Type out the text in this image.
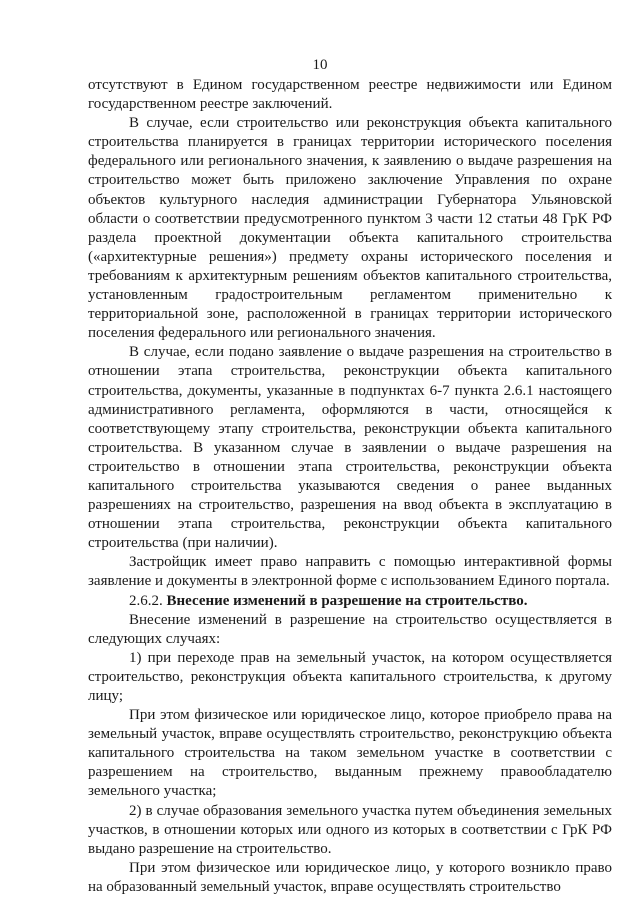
10

отсутствуют в Едином государственном реестре недвижимости или Едином государственном реестре заключений.

В случае, если строительство или реконструкция объекта капитального строительства планируется в границах территории исторического поселения федерального или регионального значения, к заявлению о выдаче разрешения на строительство может быть приложено заключение Управления по охране объектов культурного наследия администрации Губернатора Ульяновской области о соответствии предусмотренного пунктом 3 части 12 статьи 48 ГрК РФ раздела проектной документации объекта капитального строительства («архитектурные решения») предмету охраны исторического поселения и требованиям к архитектурным решениям объектов капитального строительства, установленным градостроительным регламентом применительно к территориальной зоне, расположенной в границах территории исторического поселения федерального или регионального значения.

В случае, если подано заявление о выдаче разрешения на строительство в отношении этапа строительства, реконструкции объекта капитального строительства, документы, указанные в подпунктах 6-7 пункта 2.6.1 настоящего административного регламента, оформляются в части, относящейся к соответствующему этапу строительства, реконструкции объекта капитального строительства. В указанном случае в заявлении о выдаче разрешения на строительство в отношении этапа строительства, реконструкции объекта капитального строительства указываются сведения о ранее выданных разрешениях на строительство, разрешения на ввод объекта в эксплуатацию в отношении этапа строительства, реконструкции объекта капитального строительства (при наличии).

Застройщик имеет право направить с помощью интерактивной формы заявление и документы в электронной форме с использованием Единого портала.

2.6.2. Внесение изменений в разрешение на строительство.

Внесение изменений в разрешение на строительство осуществляется в следующих случаях:

1) при переходе прав на земельный участок, на котором осуществляется строительство, реконструкция объекта капитального строительства, к другому лицу;

При этом физическое или юридическое лицо, которое приобрело права на земельный участок, вправе осуществлять строительство, реконструкцию объекта капитального строительства на таком земельном участке в соответствии с разрешением на строительство, выданным прежнему правообладателю земельного участка;

2) в случае образования земельного участка путем объединения земельных участков, в отношении которых или одного из которых в соответствии с ГрК РФ выдано разрешение на строительство.

При этом физическое или юридическое лицо, у которого возникло право на образованный земельный участок, вправе осуществлять строительство
